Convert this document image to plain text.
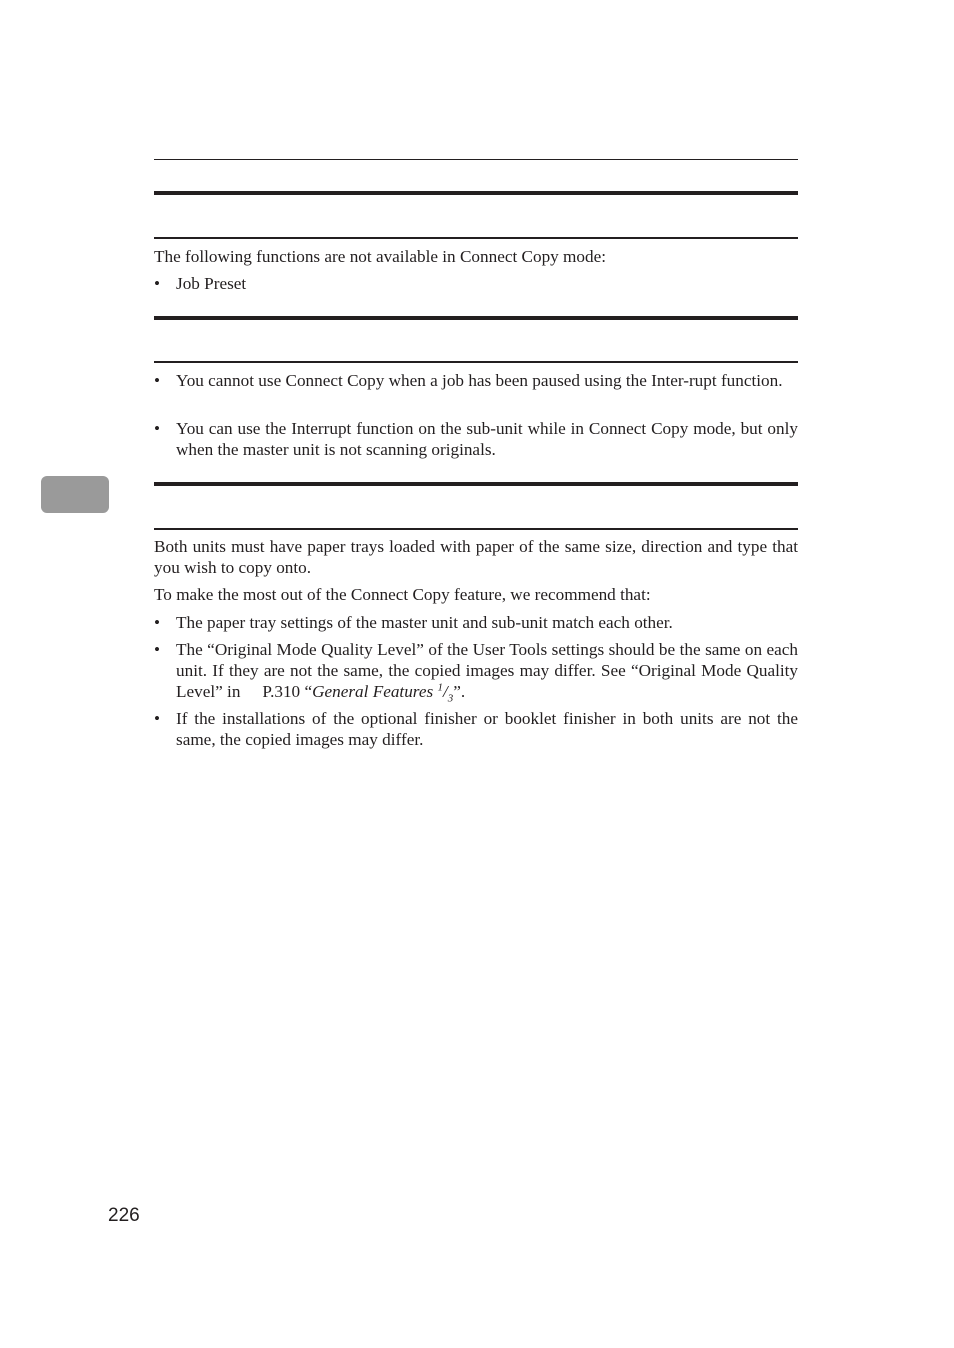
The following functions are not available in Connect Copy mode:

• Job Preset
• You cannot use Connect Copy when a job has been paused using the Inter-rupt function.
• You can use the Interrupt function on the sub-unit while in Connect Copy mode, but only when the master unit is not scanning originals.

Both units must have paper trays loaded with paper of the same size, direction and type that you wish to copy onto.

To make the most out of the Connect Copy feature, we recommend that:

• The paper tray settings of the master unit and sub-unit match each other.
• The “Original Mode Quality Level” of the User Tools settings should be the same on each unit. If they are not the same, the copied images may differ. See “Original Mode Quality Level” in P.310 “General Features $^1/_3$”.
• If the installations of the optional finisher or booklet finisher in both units are not the same, the copied images may differ.
226
